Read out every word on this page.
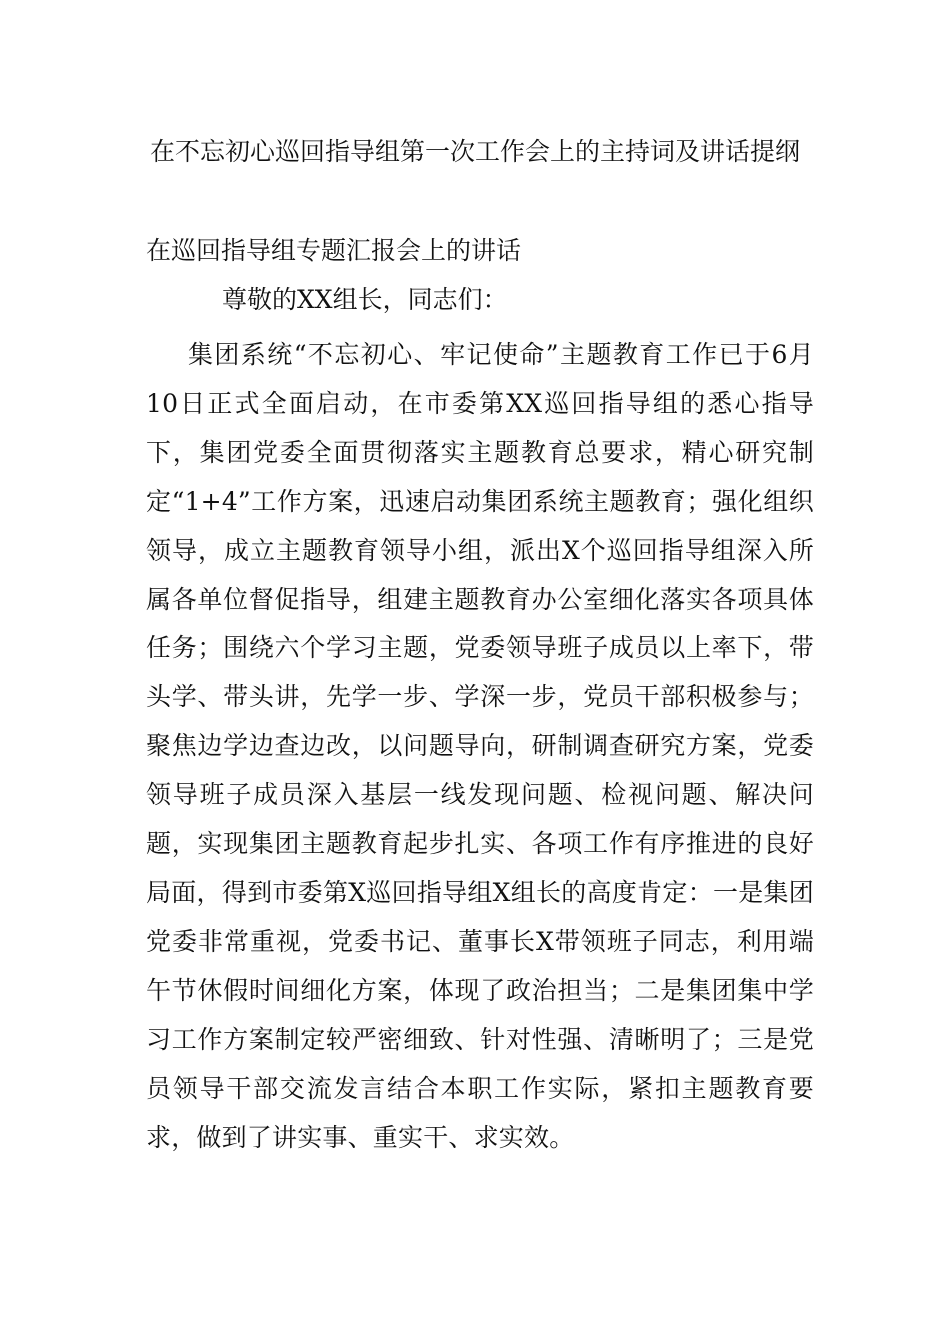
在不忘初心巡回指导组第一次工作会上的主持词及讲话提纲
在巡回指导组专题汇报会上的讲话

尊敬的XX组长，同志们：

集团系统“不忘初心、牢记使命”主题教育工作已于6月10日正式全面启动，在市委第XX巡回指导组的悉心指导下，集团党委全面贯彻落实主题教育总要求，精心研究制定“1+4”工作方案，迅速启动集团系统主题教育；强化组织领导，成立主题教育领导小组，派出X个巡回指导组深入所属各单位督促指导，组建主题教育办公室细化落实各项具体任务；围绕六个学习主题，党委领导班子成员以上率下，带头学、带头讲，先学一步、学深一步，党员干部积极参与；聚焦边学边查边改，以问题导向，研制调查研究方案，党委领导班子成员深入基层一线发现问题、检视问题、解决问题，实现集团主题教育起步扎实、各项工作有序推进的良好局面，得到市委第X巡回指导组X组长的高度肯定：一是集团党委非常重视，党委书记、董事长X带领班子同志，利用端午节休假时间细化方案，体现了政治担当；二是集团集中学习工作方案制定较严密细致、针对性强、清晰明了；三是党员领导干部交流发言结合本职工作实际，紧扣主题教育要求，做到了讲实事、重实干、求实效。
